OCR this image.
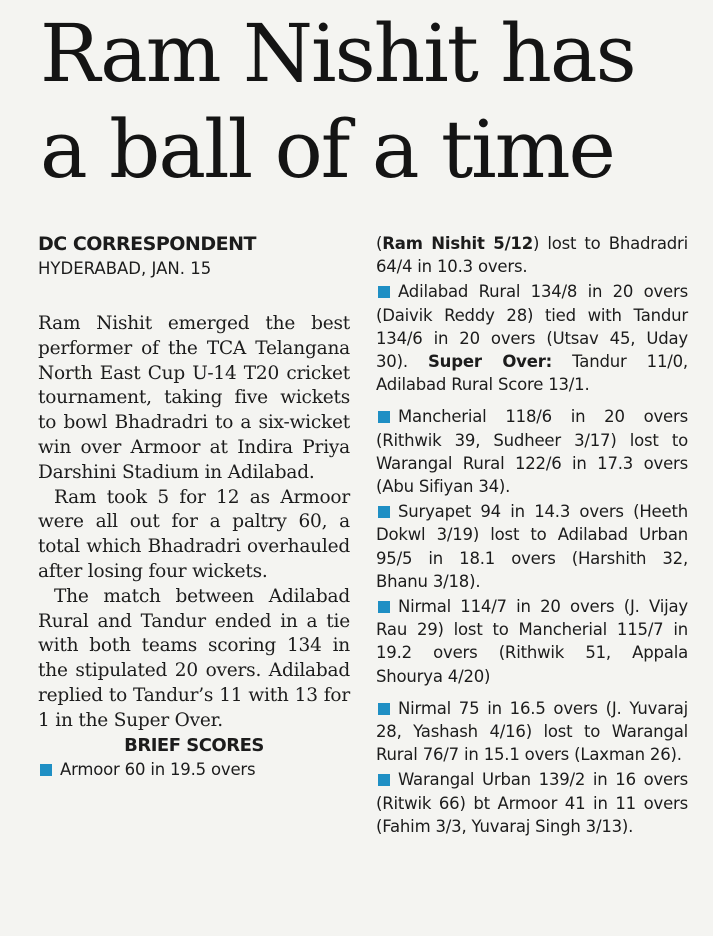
Ram Nishit has
a ball of a time
DC CORRESPONDENT
HYDERABAD, JAN. 15

Ram Nishit emerged the best performer of the TCA Telangana North East Cup U-14 T20 cricket tournament, taking five wickets to bowl Bhadradri to a six-wicket win over Armoor at Indira Priya Darshini Stadium in Adilabad.

Ram took 5 for 12 as Armoor were all out for a paltry 60, a total which Bhadradri overhauled after losing four wickets.

The match between Adilabad Rural and Tandur ended in a tie with both teams scoring 134 in the stipulated 20 overs. Adilabad replied to Tandur’s 11 with 13 for 1 in the Super Over.

BRIEF SCORES
Armoor 60 in 19.5 overs
(Ram Nishit 5/12) lost to Bhadradri 64/4 in 10.3 overs.
Adilabad Rural 134/8 in 20 overs (Daivik Reddy 28) tied with Tandur 134/6 in 20 overs (Utsav 45, Uday 30). Super Over: Tandur 11/0, Adilabad Rural Score 13/1.
Mancherial 118/6 in 20 overs (Rithwik 39, Sudheer 3/17) lost to Warangal Rural 122/6 in 17.3 overs (Abu Sifiyan 34).
Suryapet 94 in 14.3 overs (Heeth Dokwl 3/19) lost to Adilabad Urban 95/5 in 18.1 overs (Harshith 32, Bhanu 3/18).
Nirmal 114/7 in 20 overs (J. Vijay Rau 29) lost to Mancherial 115/7 in 19.2 overs (Rithwik 51, Appala Shourya 4/20)
Nirmal 75 in 16.5 overs (J. Yuvaraj 28, Yashash 4/16) lost to Warangal Rural 76/7 in 15.1 overs (Laxman 26).
Warangal Urban 139/2 in 16 overs (Ritwik 66) bt Armoor 41 in 11 overs (Fahim 3/3, Yuvaraj Singh 3/13).
